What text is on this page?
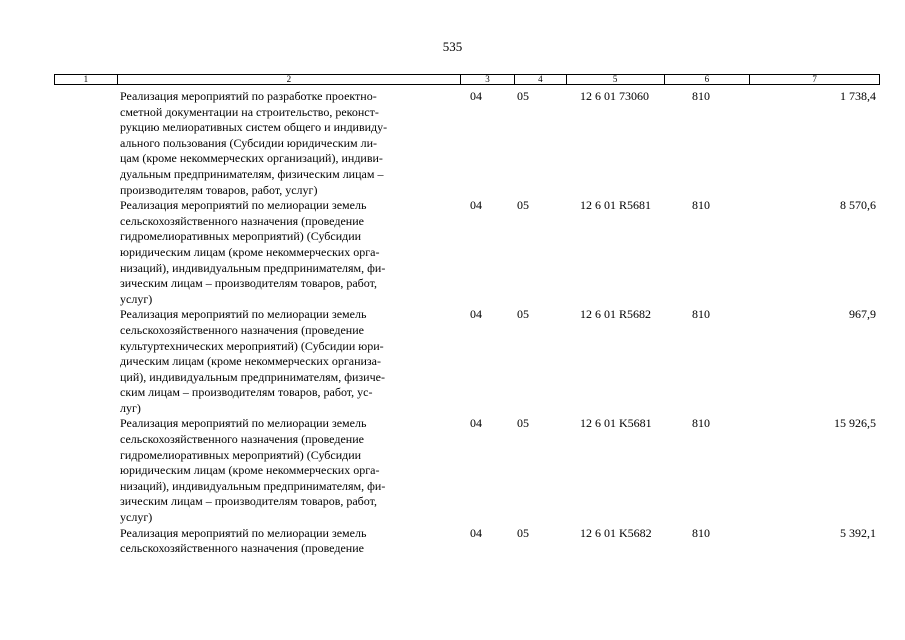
535
1	2	3	4	5	6	7
Реализация мероприятий по разработке проектно-
сметной документации на строительство, реконст-
рукцию мелиоративных систем общего и индивиду-
ального пользования (Субсидии юридическим ли-
цам (кроме некоммерческих организаций), индиви-
дуальным предпринимателям, физическим лицам –
производителям товаров, работ, услуг)
04	05	12 6 01 73060	810	1 738,4
Реализация мероприятий по мелиорации земель
сельскохозяйственного назначения (проведение
гидромелиоративных мероприятий) (Субсидии
юридическим лицам (кроме некоммерческих орга-
низаций), индивидуальным предпринимателям, фи-
зическим лицам – производителям товаров, работ,
услуг)
04	05	12 6 01 R5681	810	8 570,6
Реализация мероприятий по мелиорации земель
сельскохозяйственного назначения (проведение
культуртехнических мероприятий) (Субсидии юри-
дическим лицам (кроме некоммерческих организа-
ций), индивидуальным предпринимателям, физиче-
ским лицам – производителям товаров, работ, ус-
луг)
04	05	12 6 01 R5682	810	967,9
Реализация мероприятий по мелиорации земель
сельскохозяйственного назначения (проведение
гидромелиоративных мероприятий) (Субсидии
юридическим лицам (кроме некоммерческих орга-
низаций), индивидуальным предпринимателям, фи-
зическим лицам – производителям товаров, работ,
услуг)
04	05	12 6 01 K5681	810	15 926,5
Реализация мероприятий по мелиорации земель
сельскохозяйственного назначения (проведение
04	05	12 6 01 K5682	810	5 392,1
